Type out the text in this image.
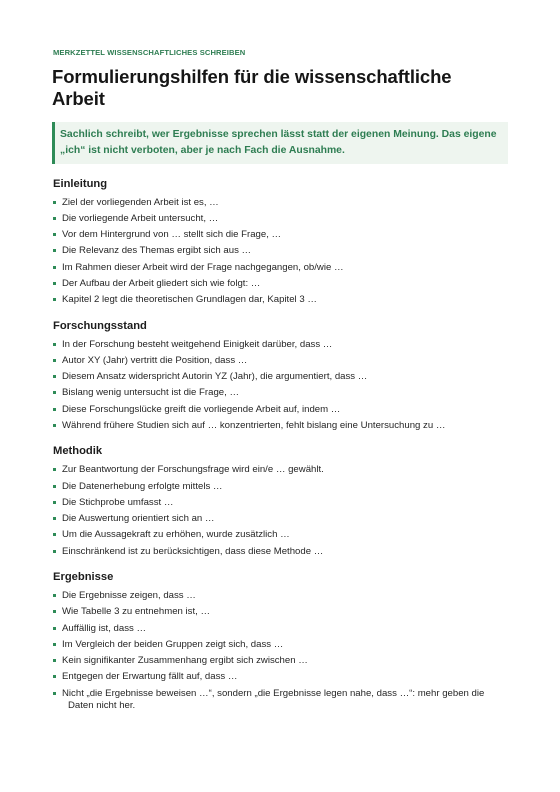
MERKZETTEL WISSENSCHAFTLICHES SCHREIBEN
Formulierungshilfen für die wissenschaftliche Arbeit
Sachlich schreibt, wer Ergebnisse sprechen lässt statt der eigenen Meinung. Das eigene „ich“ ist nicht verboten, aber je nach Fach die Ausnahme.
Einleitung
Ziel der vorliegenden Arbeit ist es, …
Die vorliegende Arbeit untersucht, …
Vor dem Hintergrund von … stellt sich die Frage, …
Die Relevanz des Themas ergibt sich aus …
Im Rahmen dieser Arbeit wird der Frage nachgegangen, ob/wie …
Der Aufbau der Arbeit gliedert sich wie folgt: …
Kapitel 2 legt die theoretischen Grundlagen dar, Kapitel 3 …
Forschungsstand
In der Forschung besteht weitgehend Einigkeit darüber, dass …
Autor XY (Jahr) vertritt die Position, dass …
Diesem Ansatz widerspricht Autorin YZ (Jahr), die argumentiert, dass …
Bislang wenig untersucht ist die Frage, …
Diese Forschungslücke greift die vorliegende Arbeit auf, indem …
Während frühere Studien sich auf … konzentrierten, fehlt bislang eine Untersuchung zu …
Methodik
Zur Beantwortung der Forschungsfrage wird ein/e … gewählt.
Die Datenerhebung erfolgte mittels …
Die Stichprobe umfasst …
Die Auswertung orientiert sich an …
Um die Aussagekraft zu erhöhen, wurde zusätzlich …
Einschränkend ist zu berücksichtigen, dass diese Methode …
Ergebnisse
Die Ergebnisse zeigen, dass …
Wie Tabelle 3 zu entnehmen ist, …
Auffällig ist, dass …
Im Vergleich der beiden Gruppen zeigt sich, dass …
Kein signifikanter Zusammenhang ergibt sich zwischen …
Entgegen der Erwartung fällt auf, dass …
Nicht „die Ergebnisse beweisen …“, sondern „die Ergebnisse legen nahe, dass …“: mehr geben die Daten nicht her.
